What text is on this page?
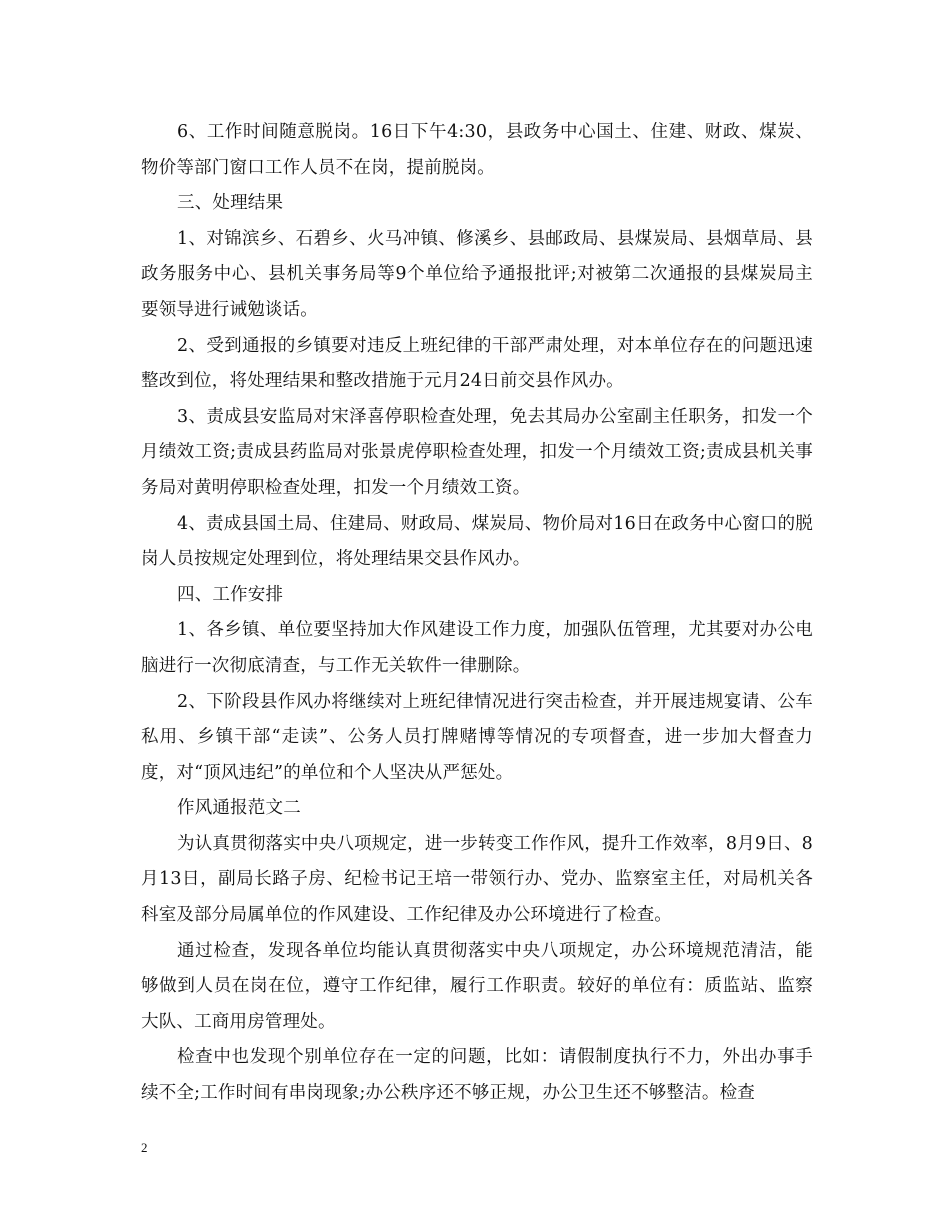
6、工作时间随意脱岗。16日下午4:30，县政务中心国土、住建、财政、煤炭、物价等部门窗口工作人员不在岗，提前脱岗。

三、处理结果

1、对锦滨乡、石碧乡、火马冲镇、修溪乡、县邮政局、县煤炭局、县烟草局、县政务服务中心、县机关事务局等9个单位给予通报批评;对被第二次通报的县煤炭局主要领导进行诫勉谈话。

2、受到通报的乡镇要对违反上班纪律的干部严肃处理，对本单位存在的问题迅速整改到位，将处理结果和整改措施于元月24日前交县作风办。

3、责成县安监局对宋泽喜停职检查处理，免去其局办公室副主任职务，扣发一个月绩效工资;责成县药监局对张景虎停职检查处理，扣发一个月绩效工资;责成县机关事务局对黄明停职检查处理，扣发一个月绩效工资。

4、责成县国土局、住建局、财政局、煤炭局、物价局对16日在政务中心窗口的脱岗人员按规定处理到位，将处理结果交县作风办。

四、工作安排

1、各乡镇、单位要坚持加大作风建设工作力度，加强队伍管理，尤其要对办公电脑进行一次彻底清查，与工作无关软件一律删除。

2、下阶段县作风办将继续对上班纪律情况进行突击检查，并开展违规宴请、公车私用、乡镇干部“走读”、公务人员打牌赌博等情况的专项督查，进一步加大督查力度，对“顶风违纪”的单位和个人坚决从严惩处。

作风通报范文二

为认真贯彻落实中央八项规定，进一步转变工作作风，提升工作效率，8月9日、8月13日，副局长路子房、纪检书记王培一带领行办、党办、监察室主任，对局机关各科室及部分局属单位的作风建设、工作纪律及办公环境进行了检查。

通过检查，发现各单位均能认真贯彻落实中央八项规定，办公环境规范清洁，能够做到人员在岗在位，遵守工作纪律，履行工作职责。较好的单位有：质监站、监察大队、工商用房管理处。

检查中也发现个别单位存在一定的问题，比如：请假制度执行不力，外出办事手续不全;工作时间有串岗现象;办公秩序还不够正规，办公卫生还不够整洁。检查

2
